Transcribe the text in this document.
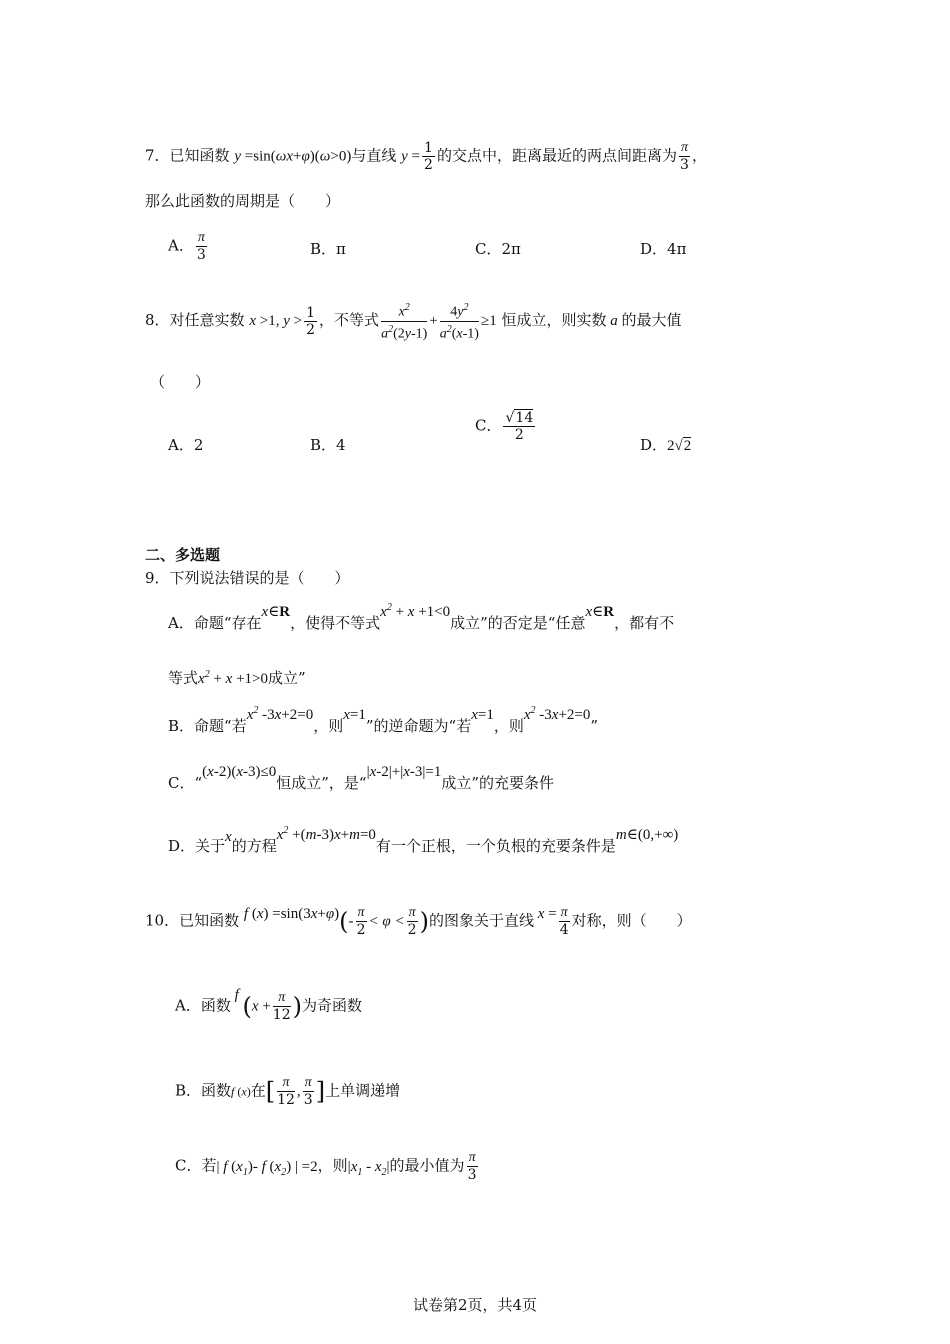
7．已知函数 y =sin(ωx+φ)(ω>0)与直线 $y = \frac{1}{2}$ 的交点中，距离最近的两点间距离为 $\frac{\pi}{3}$ ，
那么此函数的周期是（　　）
A． $\frac{\pi}{3}$	B．π	C．2π	D．4π
8．对任意实数 x >1, $y > \frac{1}{2}$ ，不等式 $\frac{x^2}{a^2(2y-1)} + \frac{4y^2}{a^2(x-1)} \ge 1$ 恒成立，则实数 a 的最大值
（　　）
A．2	B．4
C． $\frac{√14}{2}$
D．2√2
二、多选题
9．下列说法错误的是（　　）
A．命题“存在x∈R，使得不等式$x^2 + x +1<0$成立”的否定是“任意x∈R，都有不
等式$x^2 + x +1>0$成立”
B．命题“若$x^2$ -3x+2=0，则x=1”的逆命题为“若x=1，则$x^2$ -3x+2=0”
C．“(x-2)(x-3)≤0恒成立”，是“|x-2|+|x-3|=1成立”的充要条件
D．关于x的方程$x^2 +(m-3)x+m=0$有一个正根，一个负根的充要条件是m∈(0,+∞)
10．已知函数 f $(x) =\sin(3x+\varphi)(- \frac{\pi}{2} < \varphi < \frac{\pi}{2}$ )的图象关于直线 $x = \frac{\pi}{4}$ 对称，则（　　）
A．函数 f ($x + \frac{\pi}{12}$ )为奇函数
B．函数f (x)在[ $\frac{\pi}{12}$ , $\frac{\pi}{3}$ ]上单调递增
C．若| f $(x_1)-$ f $(x_2)$ | =2，则$|x_1 - x_2|$的最小值为 $\frac{\pi}{3}$
试卷第2页，共4页
